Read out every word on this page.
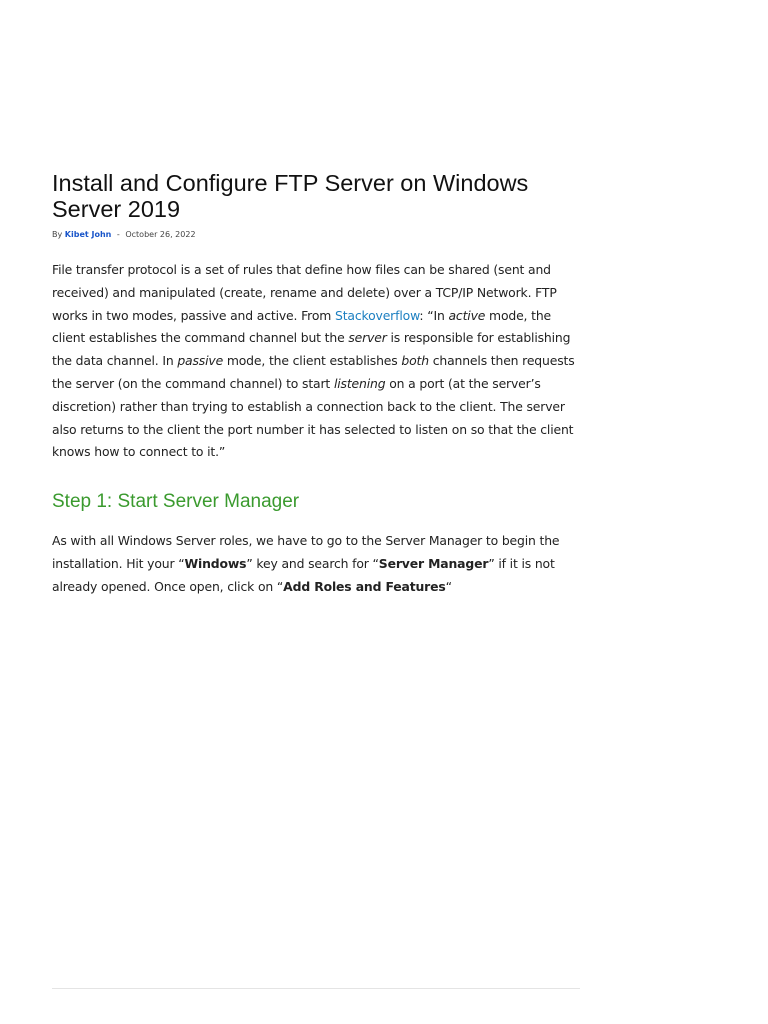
Install and Configure FTP Server on Windows Server 2019
By Kibet John - October 26, 2022

File transfer protocol is a set of rules that define how files can be shared (sent and received) and manipulated (create, rename and delete) over a TCP/IP Network. FTP works in two modes, passive and active. From Stackoverflow: “In active mode, the client establishes the command channel but the server is responsible for establishing the data channel. In passive mode, the client establishes both channels then requests the server (on the command channel) to start listening on a port (at the server’s discretion) rather than trying to establish a connection back to the client. The server also returns to the client the port number it has selected to listen on so that the client knows how to connect to it.”

Step 1: Start Server Manager

As with all Windows Server roles, we have to go to the Server Manager to begin the installation. Hit your “Windows” key and search for “Server Manager” if it is not already opened. Once open, click on “Add Roles and Features“
